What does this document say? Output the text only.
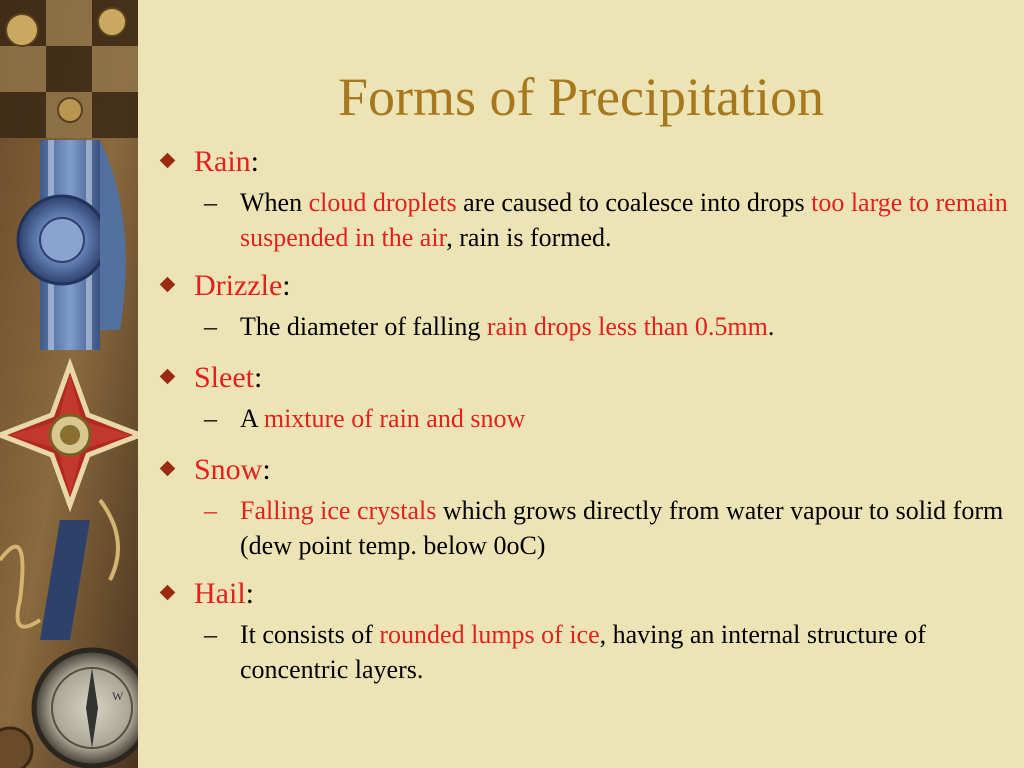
W
Forms of Precipitation
Rain:
– When cloud droplets are caused to coalesce into drops too large to remain suspended in the air, rain is formed.
Drizzle:
– The diameter of falling rain drops less than 0.5mm.
Sleet:
– A mixture of rain and snow
Snow:
– Falling ice crystals which grows directly from water vapour to solid form (dew point temp. below 0oC)
Hail:
– It consists of rounded lumps of ice, having an internal structure of concentric layers.
